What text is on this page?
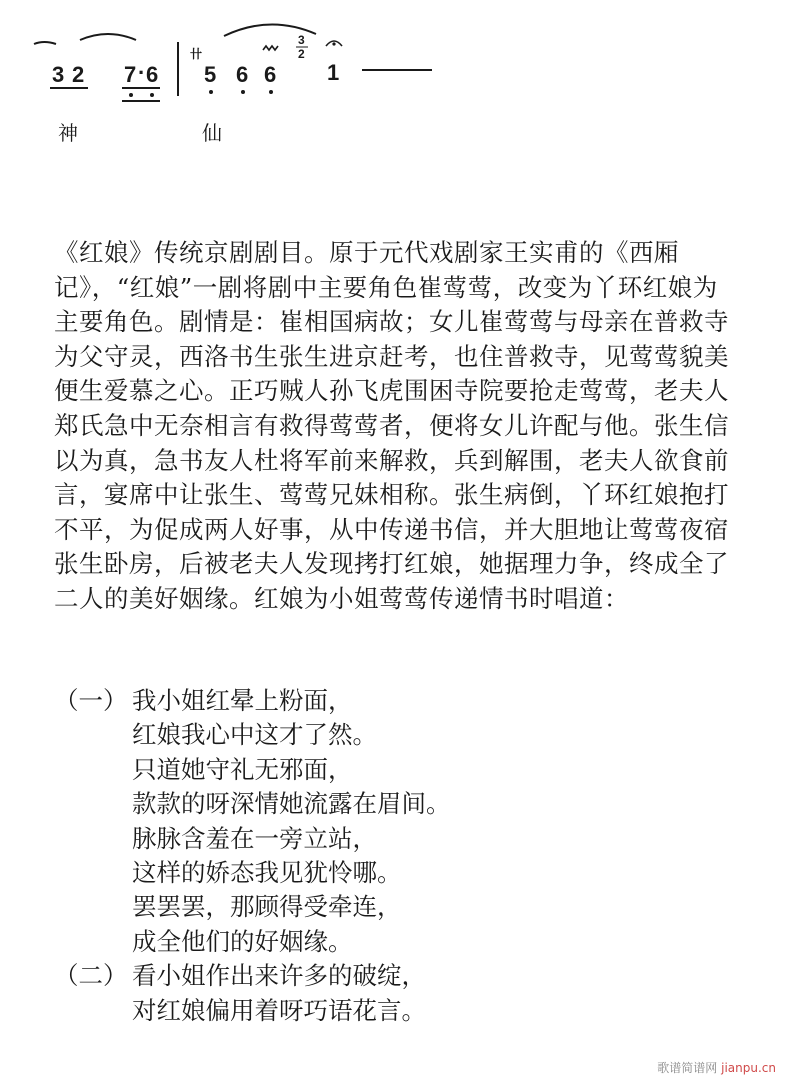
3 2 7 · 6
卄
5 6 6
3
2
1
神	仙
《红娘》传统京剧剧目。原于元代戏剧家王实甫的《西厢
记》，“红娘”一剧将剧中主要角色崔莺莺，改变为丫环红娘为
主要角色。剧情是：崔相国病故；女儿崔莺莺与母亲在普救寺
为父守灵，西洛书生张生进京赶考，也住普救寺，见莺莺貌美
便生爱慕之心。正巧贼人孙飞虎围困寺院要抢走莺莺，老夫人
郑氏急中无奈相言有救得莺莺者，便将女儿许配与他。张生信
以为真，急书友人杜将军前来解救，兵到解围，老夫人欲食前
言，宴席中让张生、莺莺兄妹相称。张生病倒，丫环红娘抱打
不平，为促成两人好事，从中传递书信，并大胆地让莺莺夜宿
张生卧房，后被老夫人发现拷打红娘，她据理力争，终成全了
二人的美好姻缘。红娘为小姐莺莺传递情书时唱道：
（一） 我小姐红晕上粉面，
红娘我心中这才了然。
只道她守礼无邪面，
款款的呀深情她流露在眉间。
脉脉含羞在一旁立站，
这样的娇态我见犹怜哪。
罢罢罢，那顾得受牵连，
成全他们的好姻缘。
（二） 看小姐作出来许多的破绽，
对红娘偏用着呀巧语花言。
歌谱简谱网 jianpu.cn
